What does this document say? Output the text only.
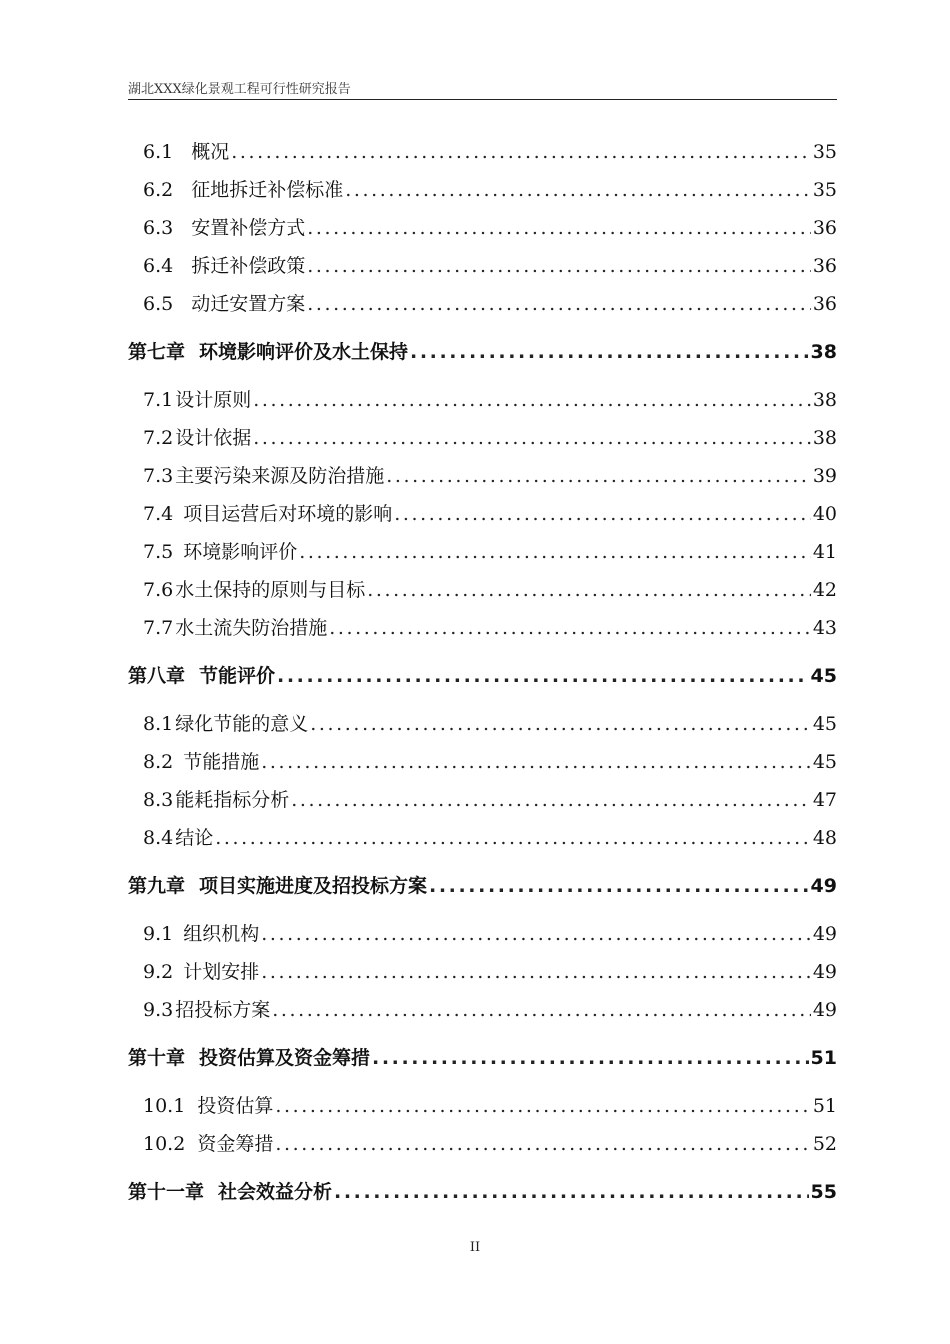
湖北XXX绿化景观工程可行性研究报告
6.1 概况 .....	35
6.2 征地拆迁补偿标准 .....	35
6.3 安置补偿方式 .....	36
6.4 拆迁补偿政策 .....	36
6.5 动迁安置方案 .....	36
第七章 环境影响评价及水土保持 .....	38
7.1 设计原则 .....	38
7.2 设计依据 .....	38
7.3 主要污染来源及防治措施 .....	39
7.4 项目运营后对环境的影响 .....	40
7.5 环境影响评价 .....	41
7.6 水土保持的原则与目标 .....	42
7.7 水土流失防治措施 .....	43
第八章 节能评价 .....	45
8.1 绿化节能的意义 .....	45
8.2 节能措施 .....	45
8.3 能耗指标分析 .....	47
8.4 结论 .....	48
第九章 项目实施进度及招投标方案 .....	49
9.1 组织机构 .....	49
9.2 计划安排 .....	49
9.3 招投标方案 .....	49
第十章 投资估算及资金筹措 .....	51
10.1 投资估算 .....	51
10.2 资金筹措 .....	52
第十一章 社会效益分析 .....	55
II
